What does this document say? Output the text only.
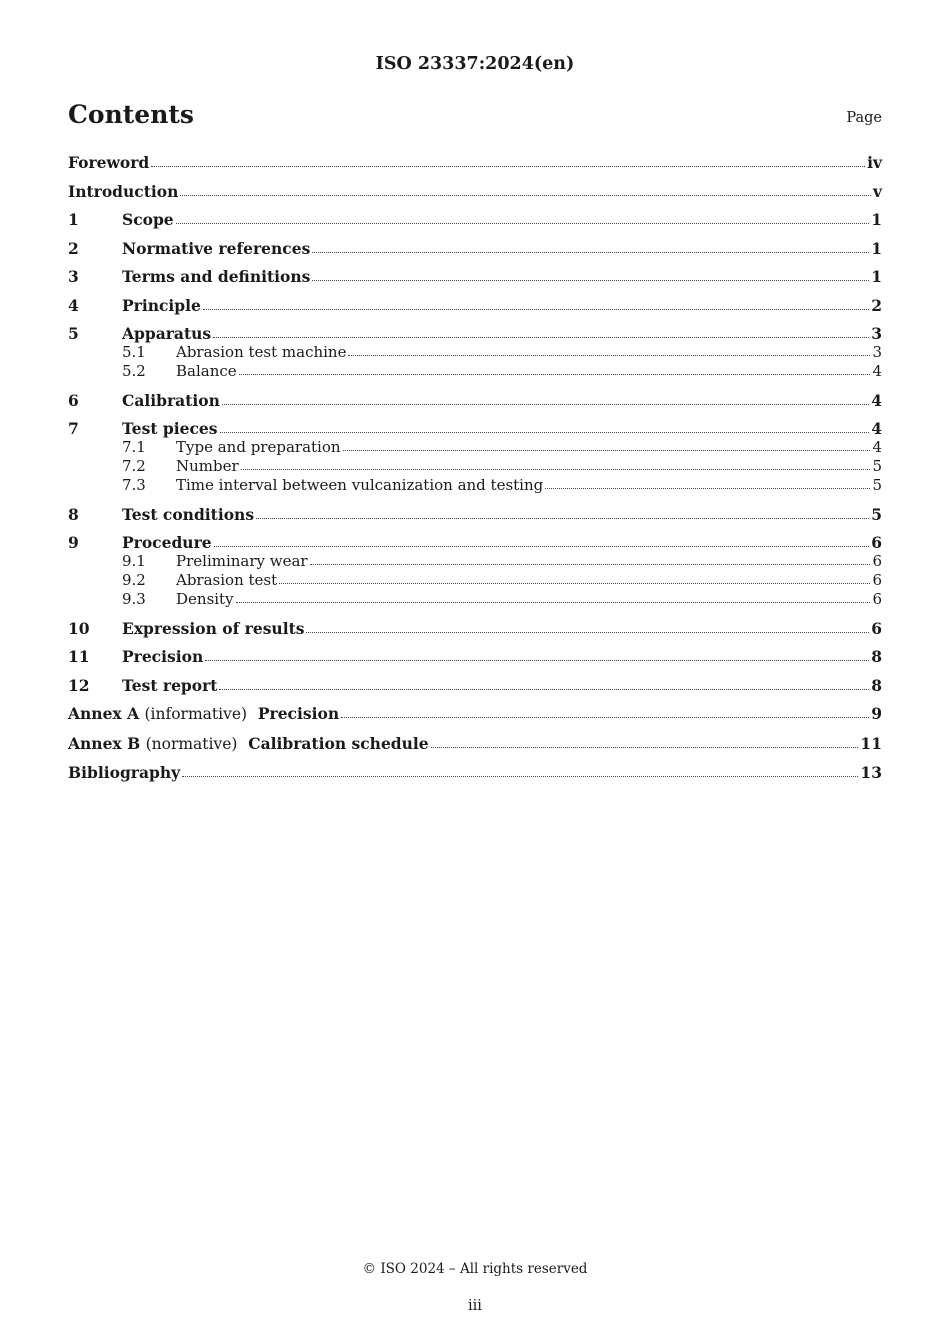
ISO 23337:2024(en)
Contents	Page
Foreword	iv
Introduction	v
1	Scope	1
2	Normative references	1
3	Terms and definitions	1
4	Principle	2
5	Apparatus	3
5.1	Abrasion test machine	3
5.2	Balance	4
6	Calibration	4
7	Test pieces	4
7.1	Type and preparation	4
7.2	Number	5
7.3	Time interval between vulcanization and testing	5
8	Test conditions	5
9	Procedure	6
9.1	Preliminary wear	6
9.2	Abrasion test	6
9.3	Density	6
10	Expression of results	6
11	Precision	8
12	Test report	8
Annex A (informative) Precision	9
Annex B (normative) Calibration schedule	11
Bibliography	13
© ISO 2024 – All rights reserved
iii
